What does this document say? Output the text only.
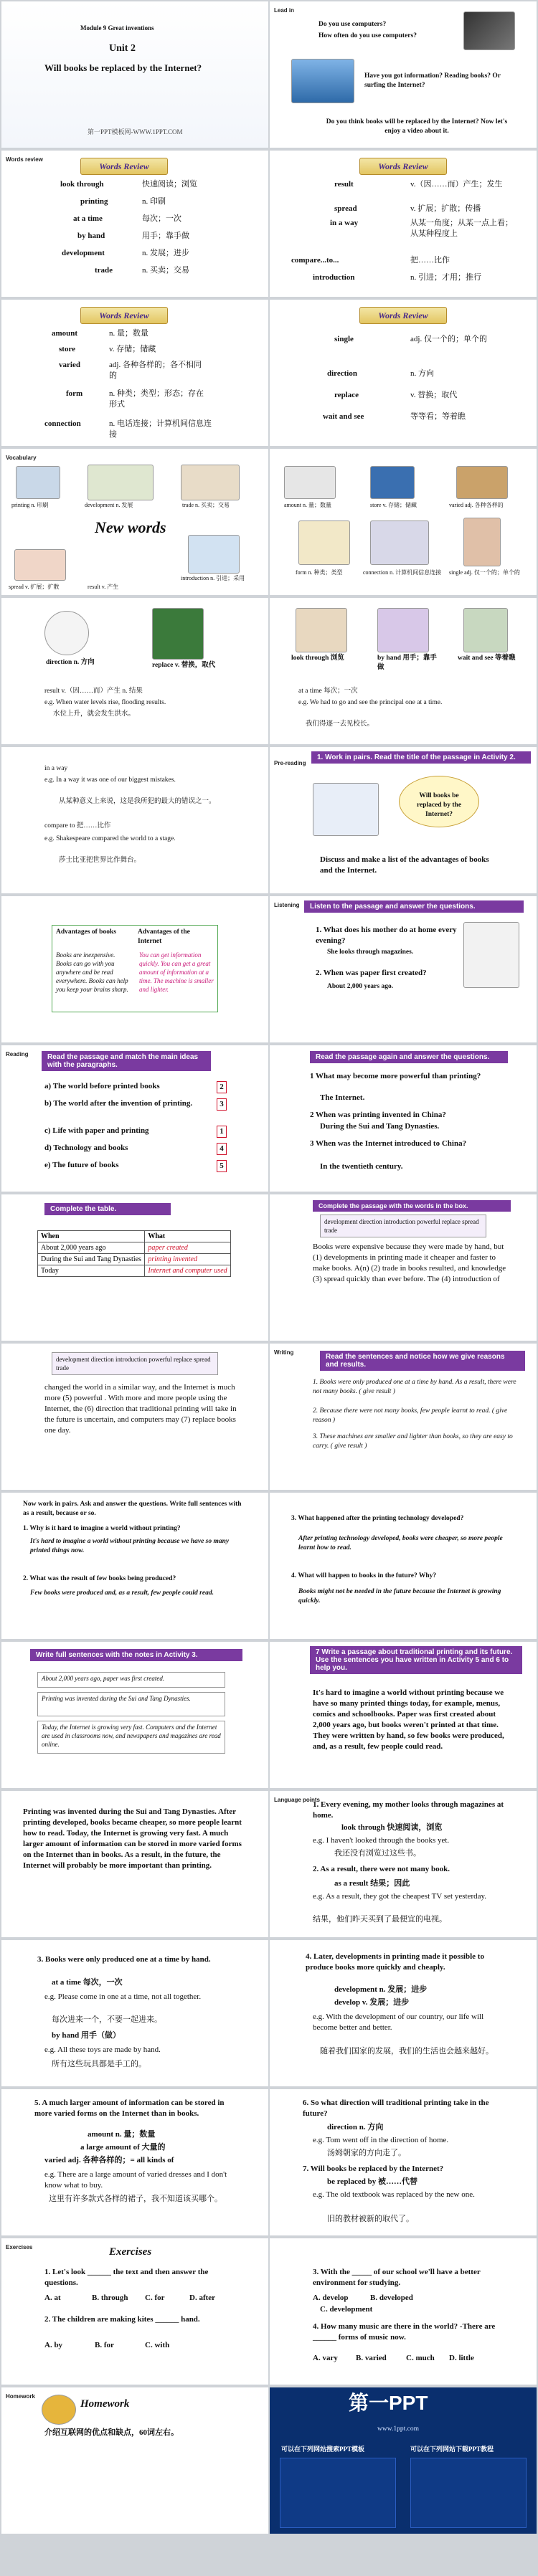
Module 9 Great inventions
Unit 2
Will books be replaced by the Internet?
第一PPT模板网-WWW.1PPT.COM
Lead in
Do you use computers?
How often do you use computers?
Have you got information? Reading books? Or surfing the Internet?
Do you think books will be replaced by the Internet? Now let's enjoy a video about it.
Words review
Words Review
look through	快速阅读；浏览
printing	n. 印刷
at a time	每次；一次
by hand	用手；靠手做
development	n. 发展；进步
trade	n. 买卖；交易
Words Review
result	v.（因……而）产生；发生
spread	v. 扩展；扩散；传播
in a way	从某一角度；从某一点上看；从某种程度上
compare...to...	把……比作
introduction	n. 引进；才用；推行
Words Review
amount	n. 量；数量
store	v. 存储；储藏
varied	adj. 各种各样的；各不相同的
form	n. 种类；类型；形态；存在形式
connection	n. 电话连接；计算机间信息连接
Words Review
single	adj. 仅一个的；单个的
direction	n. 方向
replace	v. 替换；取代
wait and see	等等看；等着瞧
Vocabulary
printing n. 印刷	development n. 发展	trade n. 买卖；交易
New words
spread v. 扩展；扩散
introduction n. 引进；采用
result v. 产生
amount n. 量；数量	store v. 存储；储藏	varied adj. 各种各样的
form n. 种类；类型	connection n. 计算机间信息连接 single adj. 仅一个的；单个的
direction n. 方向	replace v. 替换，取代
result v.（因……而）产生 n. 结果
e.g. When water levels rise, flooding results.
水位上升，就会发生洪水。
look through 浏览	by hand 用手；靠手做
wait and see 等着瞧
at a time 每次；一次
e.g. We had to go and see the principal one at a time.
我们得逐一去见校长。
in a way
e.g. In a way it was one of our biggest mistakes.
从某种意义上来说，这是我所犯的最大的错误之一。
compare to 把……比作
e.g. Shakespeare compared the world to a stage.
莎士比亚把世界比作舞台。
Pre-reading
1. Work in pairs. Read the title of the passage in Activity 2.
Will books be replaced by the Internet?
Discuss and make a list of the advantages of books and the Internet.
Advantages of books	Advantages of the Internet
Books are inexpensive. Books can go with you anywhere and be read everywhere. Books can help you keep your brains sharp.
You can get information quickly. You can get a great amount of information at a time. The machine is smaller and lighter.
Listening	Listen to the passage and answer the questions.
1. What does his mother do at home every evening?
She looks through magazines.
2. When was paper first created?
About 2,000 years ago.
Reading	Read the passage and match the main ideas with the paragraphs.
a) The world before printed books	2
b) The world after the invention of printing.	3
c) Life with paper and printing	1
d) Technology and books	4
e) The future of books	5
Read the passage again and answer the questions.
1 What may become more powerful than printing?
The Internet.
2 When was printing invented in China?
During the Sui and Tang Dynasties.
3 When was the Internet introduced to China?
In the twentieth century.
Complete the table.
When	What
About 2,000 years ago	paper created
During the Sui and Tang Dynasties	printing invented
Today	Internet and computer used
Complete the passage with the words in the box.
development direction introduction powerful replace spread trade
Books were expensive because they were made by hand, but (1) developments in printing made it cheaper and faster to make books. A(n) (2) trade in books resulted, and knowledge (3) spread quickly than ever before. The (4) introduction of
development direction introduction powerful replace spread trade
changed the world in a similar way, and the Internet is much more (5) powerful . With more and more people using the Internet, the (6) direction that traditional printing will take in the future is uncertain, and computers may (7) replace books one day.
Writing
Read the sentences and notice how we give reasons and results.
1. Books were only produced one at a time by hand. As a result, there were not many books. ( give result )
2. Because there were not many books, few people learnt to read. ( give reason )
3. These machines are smaller and lighter than books, so they are easy to carry. ( give result )
Now work in pairs. Ask and answer the questions. Write full sentences with as a result, because or so.
1. Why is it hard to imagine a world without printing?
It's hard to imagine a world without printing because we have so many printed things now.
2. What was the result of few books being produced?
Few books were produced and, as a result, few people could read.
3. What happened after the printing technology developed?
After printing technology developed, books were cheaper, so more people learnt how to read.
4. What will happen to books in the future? Why?
Books might not be needed in the future because the Internet is growing quickly.
Write full sentences with the notes in Activity 3.
About 2,000 years ago, paper was first created.
Printing was invented during the Sui and Tang Dynasties.
Today, the Internet is growing very fast. Computers and the Internet are used in classrooms now, and newspapers and magazines are read online.
7 Write a passage about traditional printing and its future. Use the sentences you have written in Activity 5 and 6 to help you.
It's hard to imagine a world without printing because we have so many printed things today, for example, menus, comics and schoolbooks. Paper was first created about 2,000 years ago, but books weren't printed at that time. They were written by hand, so few books were produced, and, as a result, few people could read.
Printing was invented during the Sui and Tang Dynasties. After printing developed, books became cheaper, so more people learnt how to read. Today, the Internet is growing very fast. A much larger amount of information can be stored in more varied forms on the Internet than in books. As a result, in the future, the Internet will probably be more important than printing.
Language points
1. Every evening, my mother looks through magazines at home.
look through 快速阅读，浏览
e.g. I haven't looked through the books yet.
我还没有浏览过这些书。
2. As a result, there were not many book.
as a result 结果；因此
e.g. As a result, they got the cheapest TV set yesterday.
结果，他们昨天买到了最便宜的电视。
3. Books were only produced one at a time by hand.
at a time 每次，一次
e.g. Please come in one at a time, not all together.
每次进来一个，不要一起进来。
by hand 用手（做）
e.g. All these toys are made by hand.
所有这些玩具都是手工的。
4. Later, developments in printing made it possible to produce books more quickly and cheaply.
development n. 发展；进步
develop v. 发展；进步
e.g. With the development of our country, our life will become better and better.
随着我们国家的发展，我们的生活也会越来越好。
5. A much larger amount of information can be stored in more varied forms on the Internet than in books.
amount n. 量；数量
a large amount of 大量的
varied adj. 各种各样的；= all kinds of
e.g. There are a large amount of varied dresses and I don't know what to buy.
这里有许多款式各样的裙子，我不知道该买哪个。
6. So what direction will traditional printing take in the future?
direction n. 方向
e.g. Tom went off in the direction of home.
汤姆朝家的方向走了。
7. Will books be replaced by the Internet?
be replaced by 被……代替
e.g. The old textbook was replaced by the new one.
旧的教材被新的取代了。
Exercises	Exercises
1. Let's look ______ the text and then answer the questions.
A. at	B. through C. for	D. after
2. The children are making kites ______ hand.
A. by	B. for	C. with
3. With the _____ of our school we'll have a better environment for studying.
A. develop	B. developed
C. development
4. How many music are there in the world? -There are ______ forms of music now.
A. vary B. varied C. much D. little
Homework
Homework
介绍互联网的优点和缺点，60词左右。
第一PPT
www.1ppt.com
可以在下列网站搜索PPT模板	可以在下列网站下载PPT教程
